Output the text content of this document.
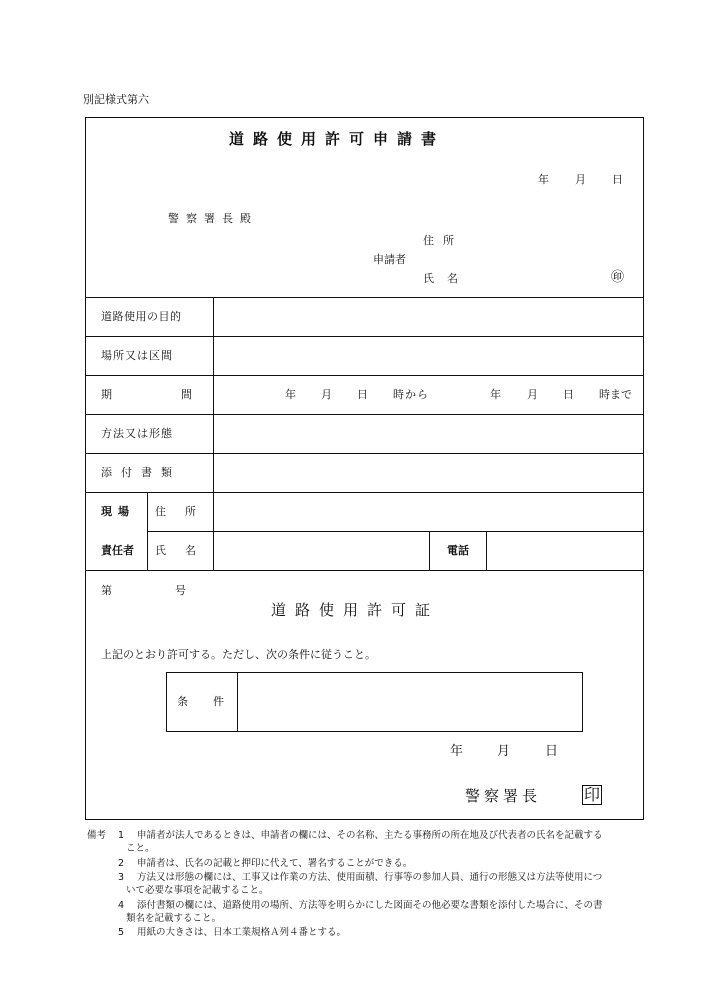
別記様式第六
道路使用許可申請書
年 月 日
警察署長殿
住所
申請者
氏名	㊞
道路使用の目的
場所又は区間
期	間	年 月 日 時から	年 月 日 時まで
方法又は形態
添付書類
現場 住所
責任者 氏名	電話
第	号
道路使用許可証
上記のとおり許可する。ただし、次の条件に従うこと。
条件
年	月	日
警察署長	印
備考 1 申請者が法人であるときは、申請者の欄には、その名称、主たる事務所の所在地及び代表者の氏名を記載する
こと。
2 申請者は、氏名の記載と押印に代えて、署名することができる。
3 方法又は形態の欄には、工事又は作業の方法、使用面積、行事等の参加人員、通行の形態又は方法等使用につ
いて必要な事項を記載すること。
4 添付書類の欄には、道路使用の場所、方法等を明らかにした図面その他必要な書類を添付した場合に、その書
類名を記載すること。
5 用紙の大きさは、日本工業規格Ａ列４番とする。
